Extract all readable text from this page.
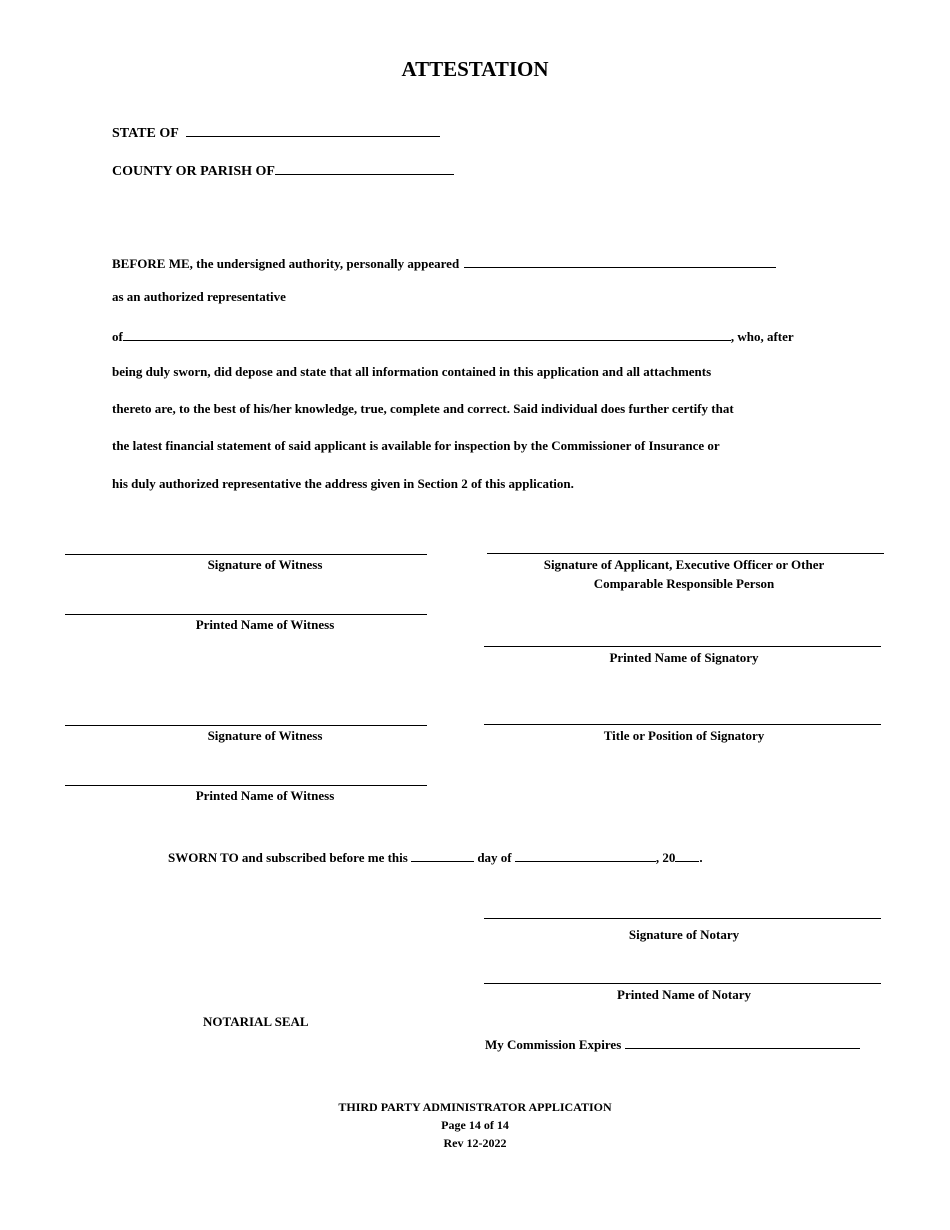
ATTESTATION
STATE OF
COUNTY OR PARISH OF
BEFORE ME, the undersigned authority, personally appeared
as an authorized representative
of	, who, after
being duly sworn, did depose and state that all information contained in this application and all attachments
thereto are, to the best of his/her knowledge, true, complete and correct. Said individual does further certify that
the latest financial statement of said applicant is available for inspection by the Commissioner of Insurance or
his duly authorized representative the address given in Section 2 of this application.
Signature of Witness
Printed Name of Witness
Signature of Witness
Printed Name of Witness
Signature of Applicant, Executive Officer or Other
Comparable Responsible Person
Printed Name of Signatory
Title or Position of Signatory
SWORN TO and subscribed before me this	day of	, 20 .
Signature of Notary
Printed Name of Notary
NOTARIAL SEAL
My Commission Expires
THIRD PARTY ADMINISTRATOR APPLICATION
Page 14 of 14
Rev 12-2022
